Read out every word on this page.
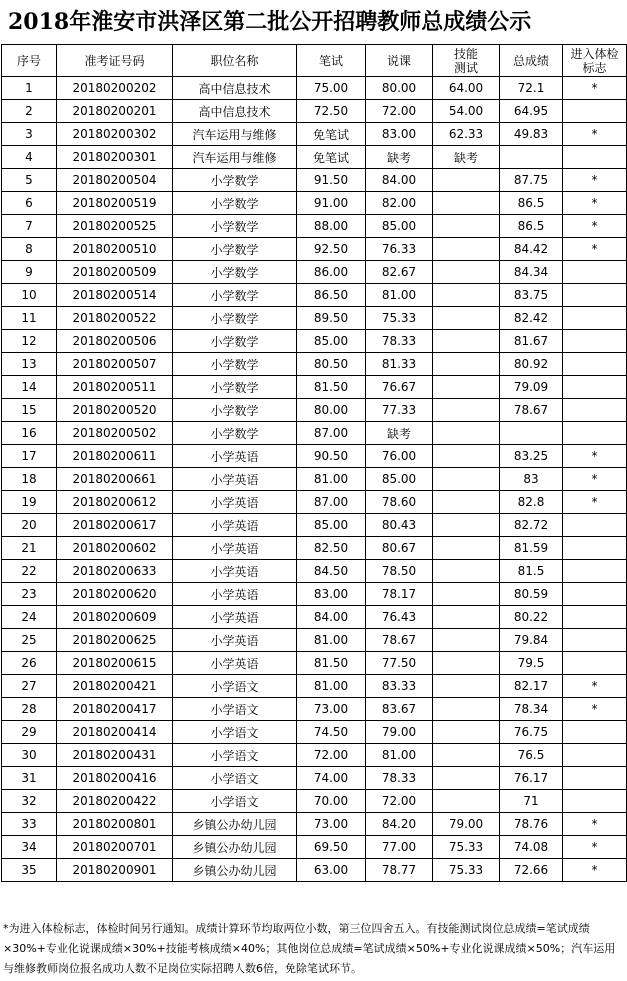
2018年淮安市洪泽区第二批公开招聘教师总成绩公示
序号	准考证号码	职位名称	笔试	说课	技能测试	总成绩	进入体检标志
1	20180200202	高中信息技术	75.00	80.00	64.00	72.1	*
2	20180200201	高中信息技术	72.50	72.00	54.00	64.95	
3	20180200302	汽车运用与维修	免笔试	83.00	62.33	49.83	*
4	20180200301	汽车运用与维修	免笔试	缺考	缺考		
5	20180200504	小学数学	91.50	84.00		87.75	*
6	20180200519	小学数学	91.00	82.00		86.5	*
7	20180200525	小学数学	88.00	85.00		86.5	*
8	20180200510	小学数学	92.50	76.33		84.42	*
9	20180200509	小学数学	86.00	82.67		84.34	
10	20180200514	小学数学	86.50	81.00		83.75	
11	20180200522	小学数学	89.50	75.33		82.42	
12	20180200506	小学数学	85.00	78.33		81.67	
13	20180200507	小学数学	80.50	81.33		80.92	
14	20180200511	小学数学	81.50	76.67		79.09	
15	20180200520	小学数学	80.00	77.33		78.67	
16	20180200502	小学数学	87.00	缺考			
17	20180200611	小学英语	90.50	76.00		83.25	*
18	20180200661	小学英语	81.00	85.00		83	*
19	20180200612	小学英语	87.00	78.60		82.8	*
20	20180200617	小学英语	85.00	80.43		82.72	
21	20180200602	小学英语	82.50	80.67		81.59	
22	20180200633	小学英语	84.50	78.50		81.5	
23	20180200620	小学英语	83.00	78.17		80.59	
24	20180200609	小学英语	84.00	76.43		80.22	
25	20180200625	小学英语	81.00	78.67		79.84	
26	20180200615	小学英语	81.50	77.50		79.5	
27	20180200421	小学语文	81.00	83.33		82.17	*
28	20180200417	小学语文	73.00	83.67		78.34	*
29	20180200414	小学语文	74.50	79.00		76.75	
30	20180200431	小学语文	72.00	81.00		76.5	
31	20180200416	小学语文	74.00	78.33		76.17	
32	20180200422	小学语文	70.00	72.00		71	
33	20180200801	乡镇公办幼儿园	73.00	84.20	79.00	78.76	*
34	20180200701	乡镇公办幼儿园	69.50	77.00	75.33	74.08	*
35	20180200901	乡镇公办幼儿园	63.00	78.77	75.33	72.66	*
*为进入体检标志，体检时间另行通知。成绩计算环节均取两位小数，第三位四舍五入。有技能测试岗位总成绩=笔试成绩×30%+专业化说课成绩×30%+技能考核成绩×40%；其他岗位总成绩=笔试成绩×50%+专业化说课成绩×50%；汽车运用与维修教师岗位报名成功人数不足岗位实际招聘人数6倍，免除笔试环节。
